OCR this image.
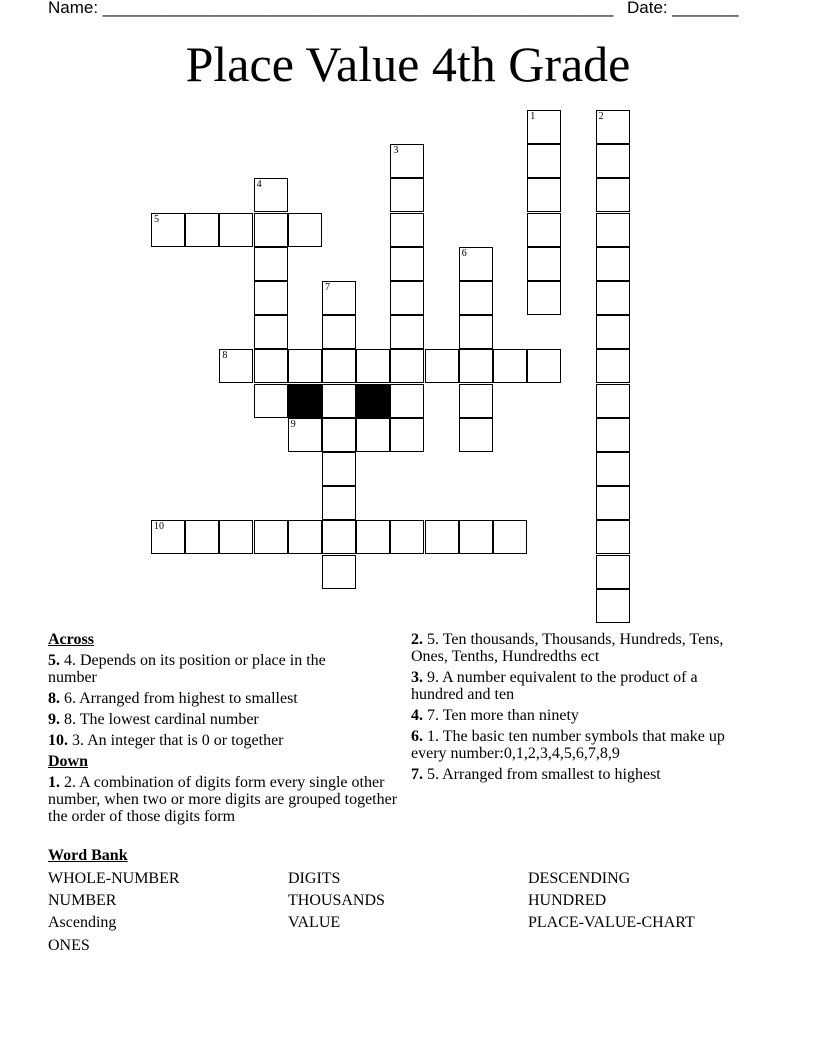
Name: ______________________________________________________ Date: _______
Place Value 4th Grade
1	2
3
4
5
6
7
8
9
10
Across
5. 4. Depends on its position or place in the number
8. 6. Arranged from highest to smallest
9. 8. The lowest cardinal number
10. 3. An integer that is 0 or together
Down
1. 2. A combination of digits form every single other number, when two or more digits are grouped together the order of those digits form
2. 5. Ten thousands, Thousands, Hundreds, Tens, Ones, Tenths, Hundredths ect
3. 9. A number equivalent to the product of a hundred and ten
4. 7. Ten more than ninety
6. 1. The basic ten number symbols that make up every number:0,1,2,3,4,5,6,7,8,9
7. 5. Arranged from smallest to highest
Word Bank
WHOLE-NUMBER	DIGITS	DESCENDING
NUMBER	THOUSANDS	HUNDRED
Ascending	VALUE	PLACE-VALUE-CHART
ONES
